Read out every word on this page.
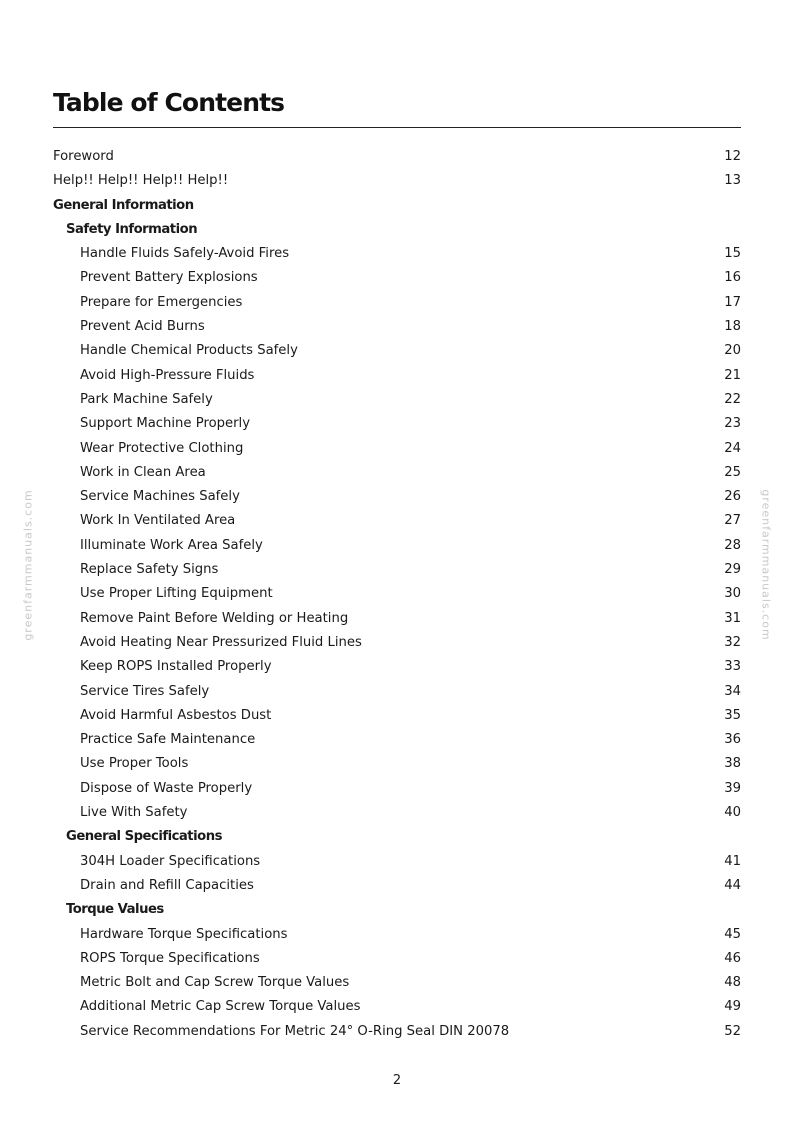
Table of Contents
Foreword	12
Help!! Help!! Help!! Help!!	13
General Information
Safety Information
Handle Fluids Safely-Avoid Fires	15
Prevent Battery Explosions	16
Prepare for Emergencies	17
Prevent Acid Burns	18
Handle Chemical Products Safely	20
Avoid High-Pressure Fluids	21
Park Machine Safely	22
Support Machine Properly	23
Wear Protective Clothing	24
Work in Clean Area	25
Service Machines Safely	26
Work In Ventilated Area	27
Illuminate Work Area Safely	28
Replace Safety Signs	29
Use Proper Lifting Equipment	30
Remove Paint Before Welding or Heating	31
Avoid Heating Near Pressurized Fluid Lines	32
Keep ROPS Installed Properly	33
Service Tires Safely	34
Avoid Harmful Asbestos Dust	35
Practice Safe Maintenance	36
Use Proper Tools	38
Dispose of Waste Properly	39
Live With Safety	40
General Specifications
304H Loader Specifications	41
Drain and Refill Capacities	44
Torque Values
Hardware Torque Specifications	45
ROPS Torque Specifications	46
Metric Bolt and Cap Screw Torque Values	48
Additional Metric Cap Screw Torque Values	49
Service Recommendations For Metric 24° O-Ring Seal DIN 20078	52
2
greenfarmmanuals.com	greenfarmmanuals.com
